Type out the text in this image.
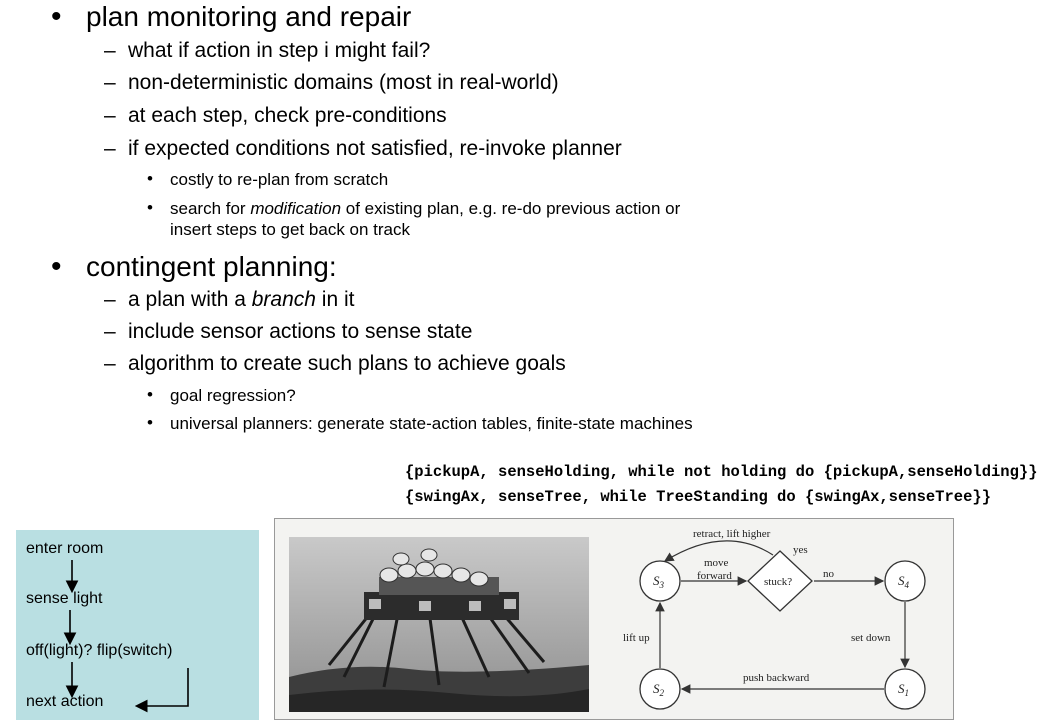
• plan monitoring and repair
– what if action in step i might fail?
– non-deterministic domains (most in real-world)
– at each step, check pre-conditions
– if expected conditions not satisfied, re-invoke planner
• costly to re-plan from scratch
• search for modification of existing plan, e.g. re-do previous action or
insert steps to get back on track
• contingent planning:
– a plan with a branch in it
– include sensor actions to sense state
– algorithm to create such plans to achieve goals
• goal regression?
• universal planners: generate state-action tables, finite-state machines
{pickupA, senseHolding, while not holding do {pickupA,senseHolding}}
{swingAx, senseTree, while TreeStanding do {swingAx,senseTree}}
enter room
sense light
off(light)? flip(switch)
next action
$S_3$	$S_4$
$S_2$	$S_1$
stuck?
retract, lift higher
yes
move
forward	no
lift up	set down
push backward
